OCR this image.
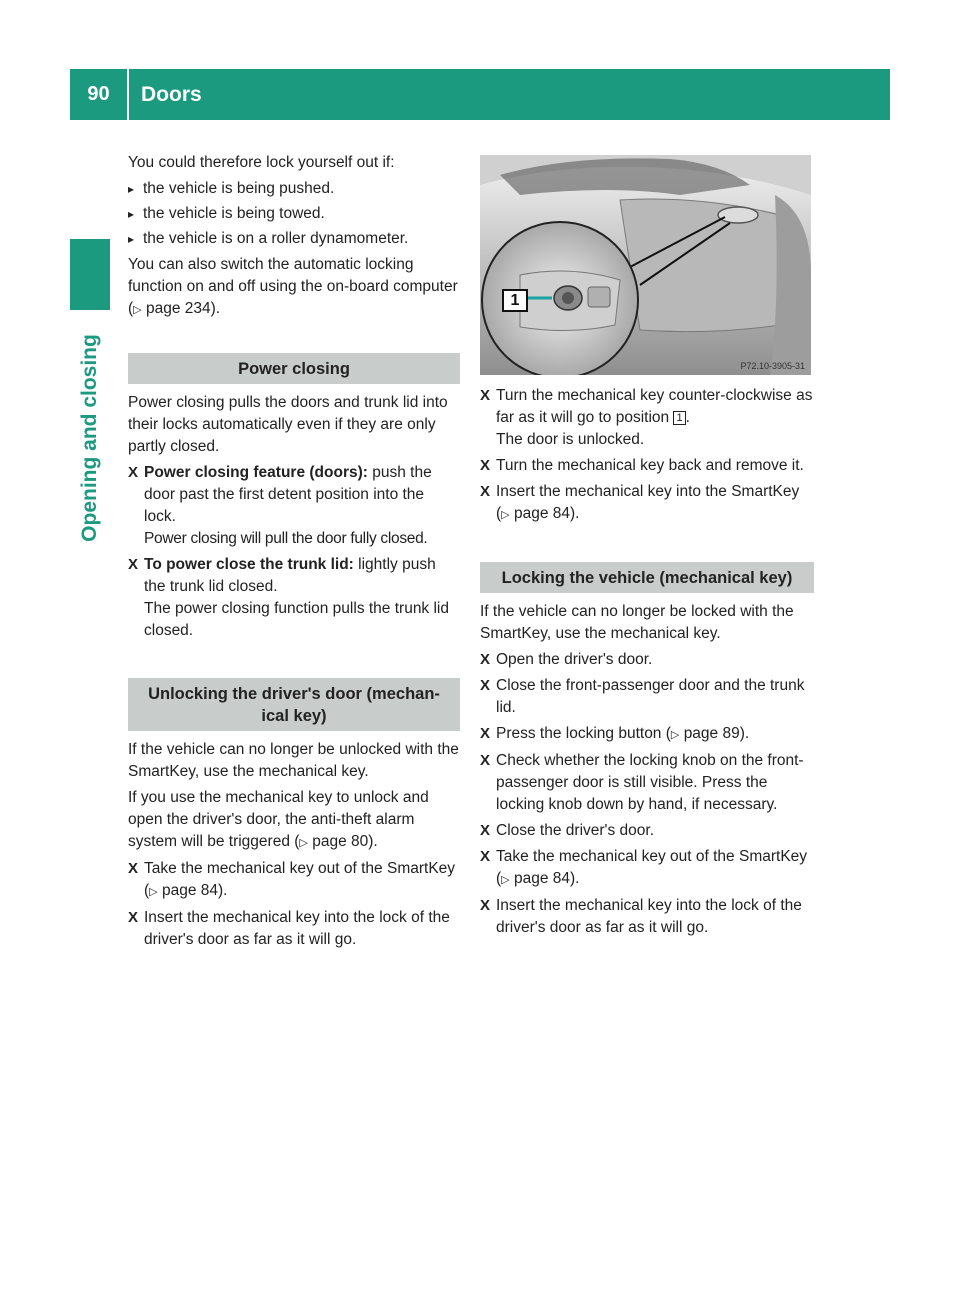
90	Doors
Opening and closing

You could therefore lock yourself out if:

▸ the vehicle is being pushed.
▸ the vehicle is being towed.
▸ the vehicle is on a roller dynamometer.

You can also switch the automatic locking function on and off using the on-board computer (▷ page 234).

Power closing

Power closing pulls the doors and trunk lid into their locks automatically even if they are only partly closed.

X Power closing feature (doors): push the door past the first detent position into the lock.
Power closing will pull the door fully closed.
X To power close the trunk lid: lightly push the trunk lid closed.
The power closing function pulls the trunk lid closed.
Unlocking the driver's door (mechan-
ical key)

If the vehicle can no longer be unlocked with the SmartKey, use the mechanical key.

If you use the mechanical key to unlock and open the driver's door, the anti-theft alarm system will be triggered (▷ page 80).

X Take the mechanical key out of the SmartKey (▷ page 84).
X Insert the mechanical key into the lock of the driver's door as far as it will go.
P72.10-3905-31
1
X Turn the mechanical key counter-clockwise as far as it will go to position 1 .
The door is unlocked.
X Turn the mechanical key back and remove it.
X Insert the mechanical key into the SmartKey (▷ page 84).
Locking the vehicle (mechanical key)

If the vehicle can no longer be locked with the SmartKey, use the mechanical key.

X Open the driver's door.
X Close the front-passenger door and the trunk lid.
X Press the locking button (▷ page 89).
X Check whether the locking knob on the front-passenger door is still visible. Press the locking knob down by hand, if necessary.
X Close the driver's door.
X Take the mechanical key out of the SmartKey (▷ page 84).
X Insert the mechanical key into the lock of the driver's door as far as it will go.
